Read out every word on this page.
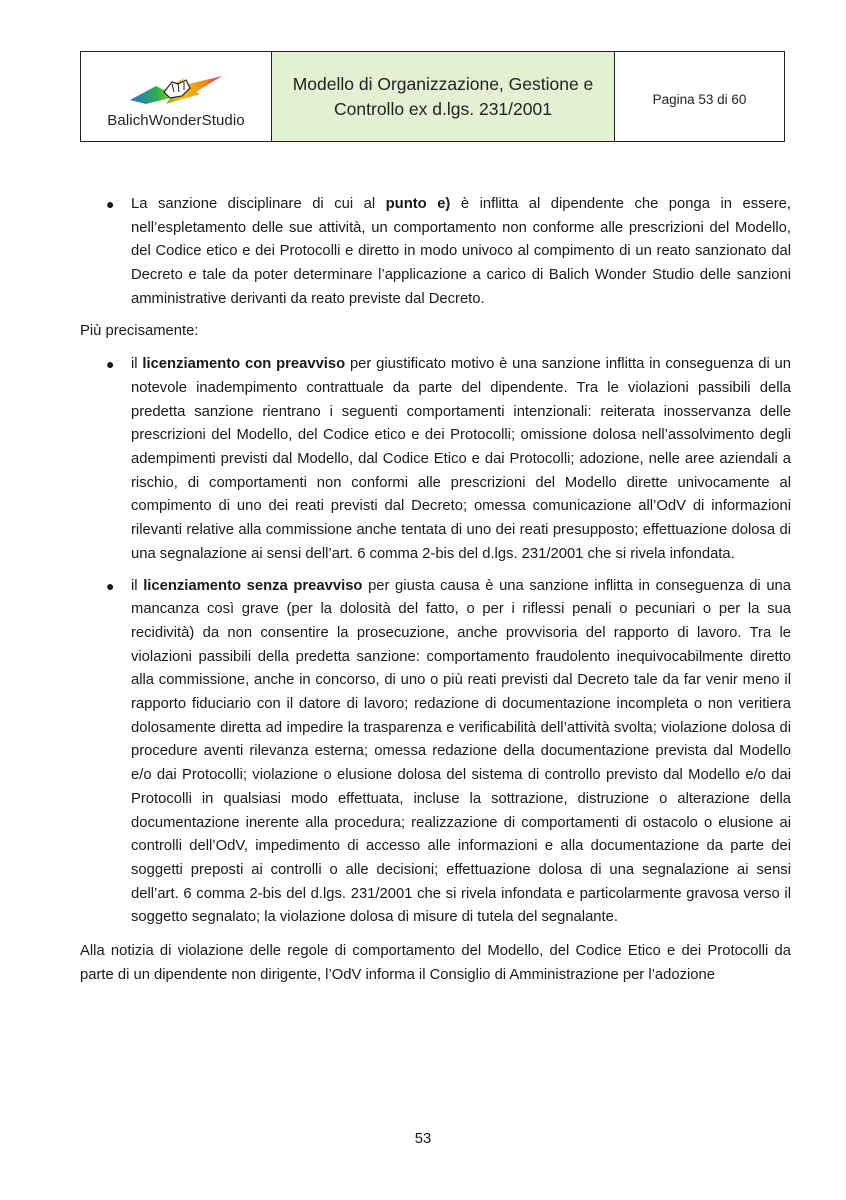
BalichWonderStudio
Modello di Organizzazione, Gestione e
Controllo ex d.lgs. 231/2001	Pagina 53 di 60
● La sanzione disciplinare di cui al punto e) è inflitta al dipendente che ponga in essere, nell’espletamento delle sue attività, un comportamento non conforme alle prescrizioni del Modello, del Codice etico e dei Protocolli e diretto in modo univoco al compimento di un reato sanzionato dal Decreto e tale da poter determinare l’applicazione a carico di Balich Wonder Studio delle sanzioni amministrative derivanti da reato previste dal Decreto.
Più precisamente:
● il licenziamento con preavviso per giustificato motivo è una sanzione inflitta in conseguenza di un notevole inadempimento contrattuale da parte del dipendente. Tra le violazioni passibili della predetta sanzione rientrano i seguenti comportamenti intenzionali: reiterata inosservanza delle prescrizioni del Modello, del Codice etico e dei Protocolli; omissione dolosa nell’assolvimento degli adempimenti previsti dal Modello, dal Codice Etico e dai Protocolli; adozione, nelle aree aziendali a rischio, di comportamenti non conformi alle prescrizioni del Modello dirette univocamente al compimento di uno dei reati previsti dal Decreto; omessa comunicazione all’OdV di informazioni rilevanti relative alla commissione anche tentata di uno dei reati presupposto; effettuazione dolosa di una segnalazione ai sensi dell’art. 6 comma 2-bis del d.lgs. 231/2001 che si rivela infondata.
● il licenziamento senza preavviso per giusta causa è una sanzione inflitta in conseguenza di una mancanza così grave (per la dolosità del fatto, o per i riflessi penali o pecuniari o per la sua recidività) da non consentire la prosecuzione, anche provvisoria del rapporto di lavoro. Tra le violazioni passibili della predetta sanzione: comportamento fraudolento inequivocabilmente diretto alla commissione, anche in concorso, di uno o più reati previsti dal Decreto tale da far venir meno il rapporto fiduciario con il datore di lavoro; redazione di documentazione incompleta o non veritiera dolosamente diretta ad impedire la trasparenza e verificabilità dell’attività svolta; violazione dolosa di procedure aventi rilevanza esterna; omessa redazione della documentazione prevista dal Modello e/o dai Protocolli; violazione o elusione dolosa del sistema di controllo previsto dal Modello e/o dai Protocolli in qualsiasi modo effettuata, incluse la sottrazione, distruzione o alterazione della documentazione inerente alla procedura; realizzazione di comportamenti di ostacolo o elusione ai controlli dell’OdV, impedimento di accesso alle informazioni e alla documentazione da parte dei soggetti preposti ai controlli o alle decisioni; effettuazione dolosa di una segnalazione ai sensi dell’art. 6 comma 2-bis del d.lgs. 231/2001 che si rivela infondata e particolarmente gravosa verso il soggetto segnalato; la violazione dolosa di misure di tutela del segnalante.
Alla notizia di violazione delle regole di comportamento del Modello, del Codice Etico e dei Protocolli da parte di un dipendente non dirigente, l’OdV informa il Consiglio di Amministrazione per l’adozione
53
